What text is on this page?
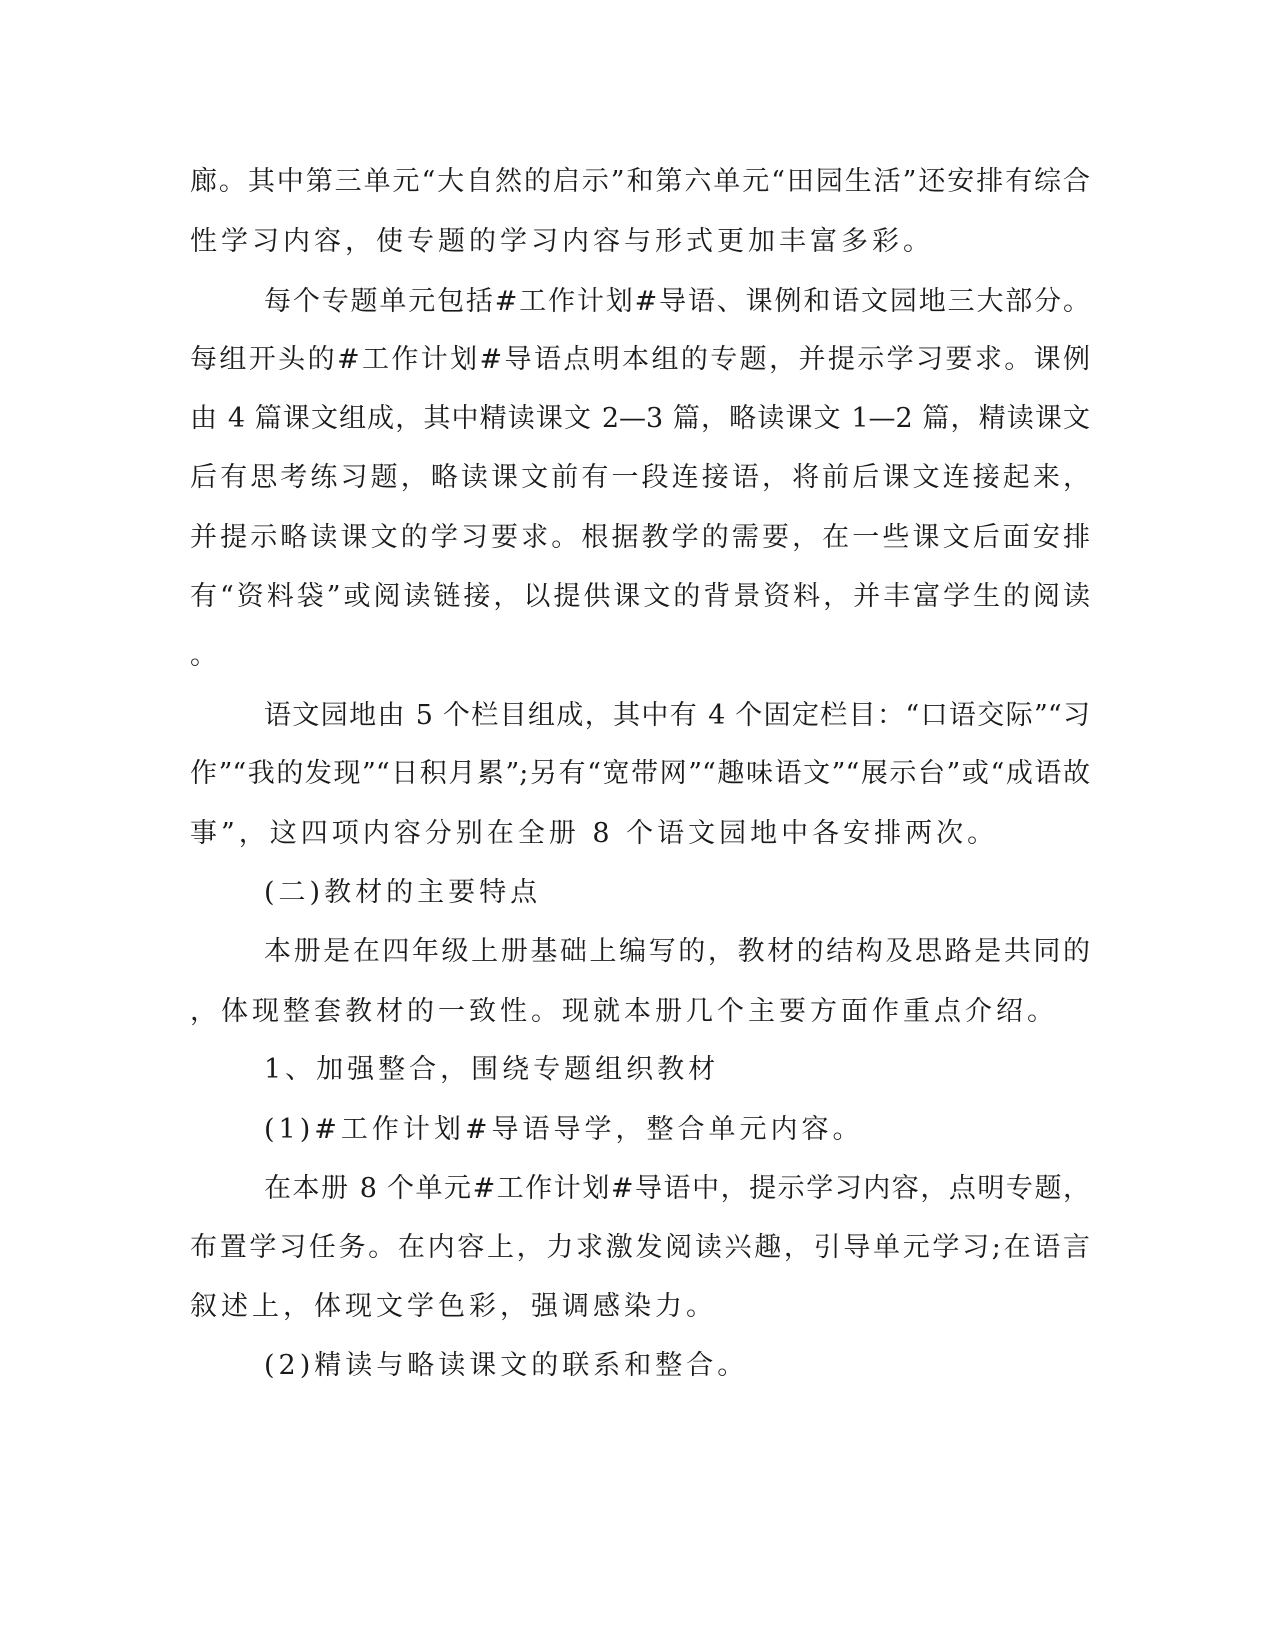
廊。其中第三单元“大自然的启示”和第六单元“田园生活”还安排有综合
性学习内容，使专题的学习内容与形式更加丰富多彩。
每个专题单元包括#工作计划#导语、课例和语文园地三大部分。
每组开头的#工作计划#导语点明本组的专题，并提示学习要求。课例
由 4 篇课文组成，其中精读课文 2—3 篇，略读课文 1—2 篇，精读课文
后有思考练习题，略读课文前有一段连接语，将前后课文连接起来，
并提示略读课文的学习要求。根据教学的需要，在一些课文后面安排
有“资料袋”或阅读链接，以提供课文的背景资料，并丰富学生的阅读
。
语文园地由 5 个栏目组成，其中有 4 个固定栏目：“口语交际”“习
作”“我的发现”“日积月累”;另有“宽带网”“趣味语文”“展示台”或“成语故
事”，这四项内容分别在全册 8 个语文园地中各安排两次。
(二)教材的主要特点
本册是在四年级上册基础上编写的，教材的结构及思路是共同的
，体现整套教材的一致性。现就本册几个主要方面作重点介绍。
1、加强整合，围绕专题组织教材
(1)#工作计划#导语导学，整合单元内容。
在本册 8 个单元#工作计划#导语中，提示学习内容，点明专题，
布置学习任务。在内容上，力求激发阅读兴趣，引导单元学习;在语言
叙述上，体现文学色彩，强调感染力。
(2)精读与略读课文的联系和整合。
